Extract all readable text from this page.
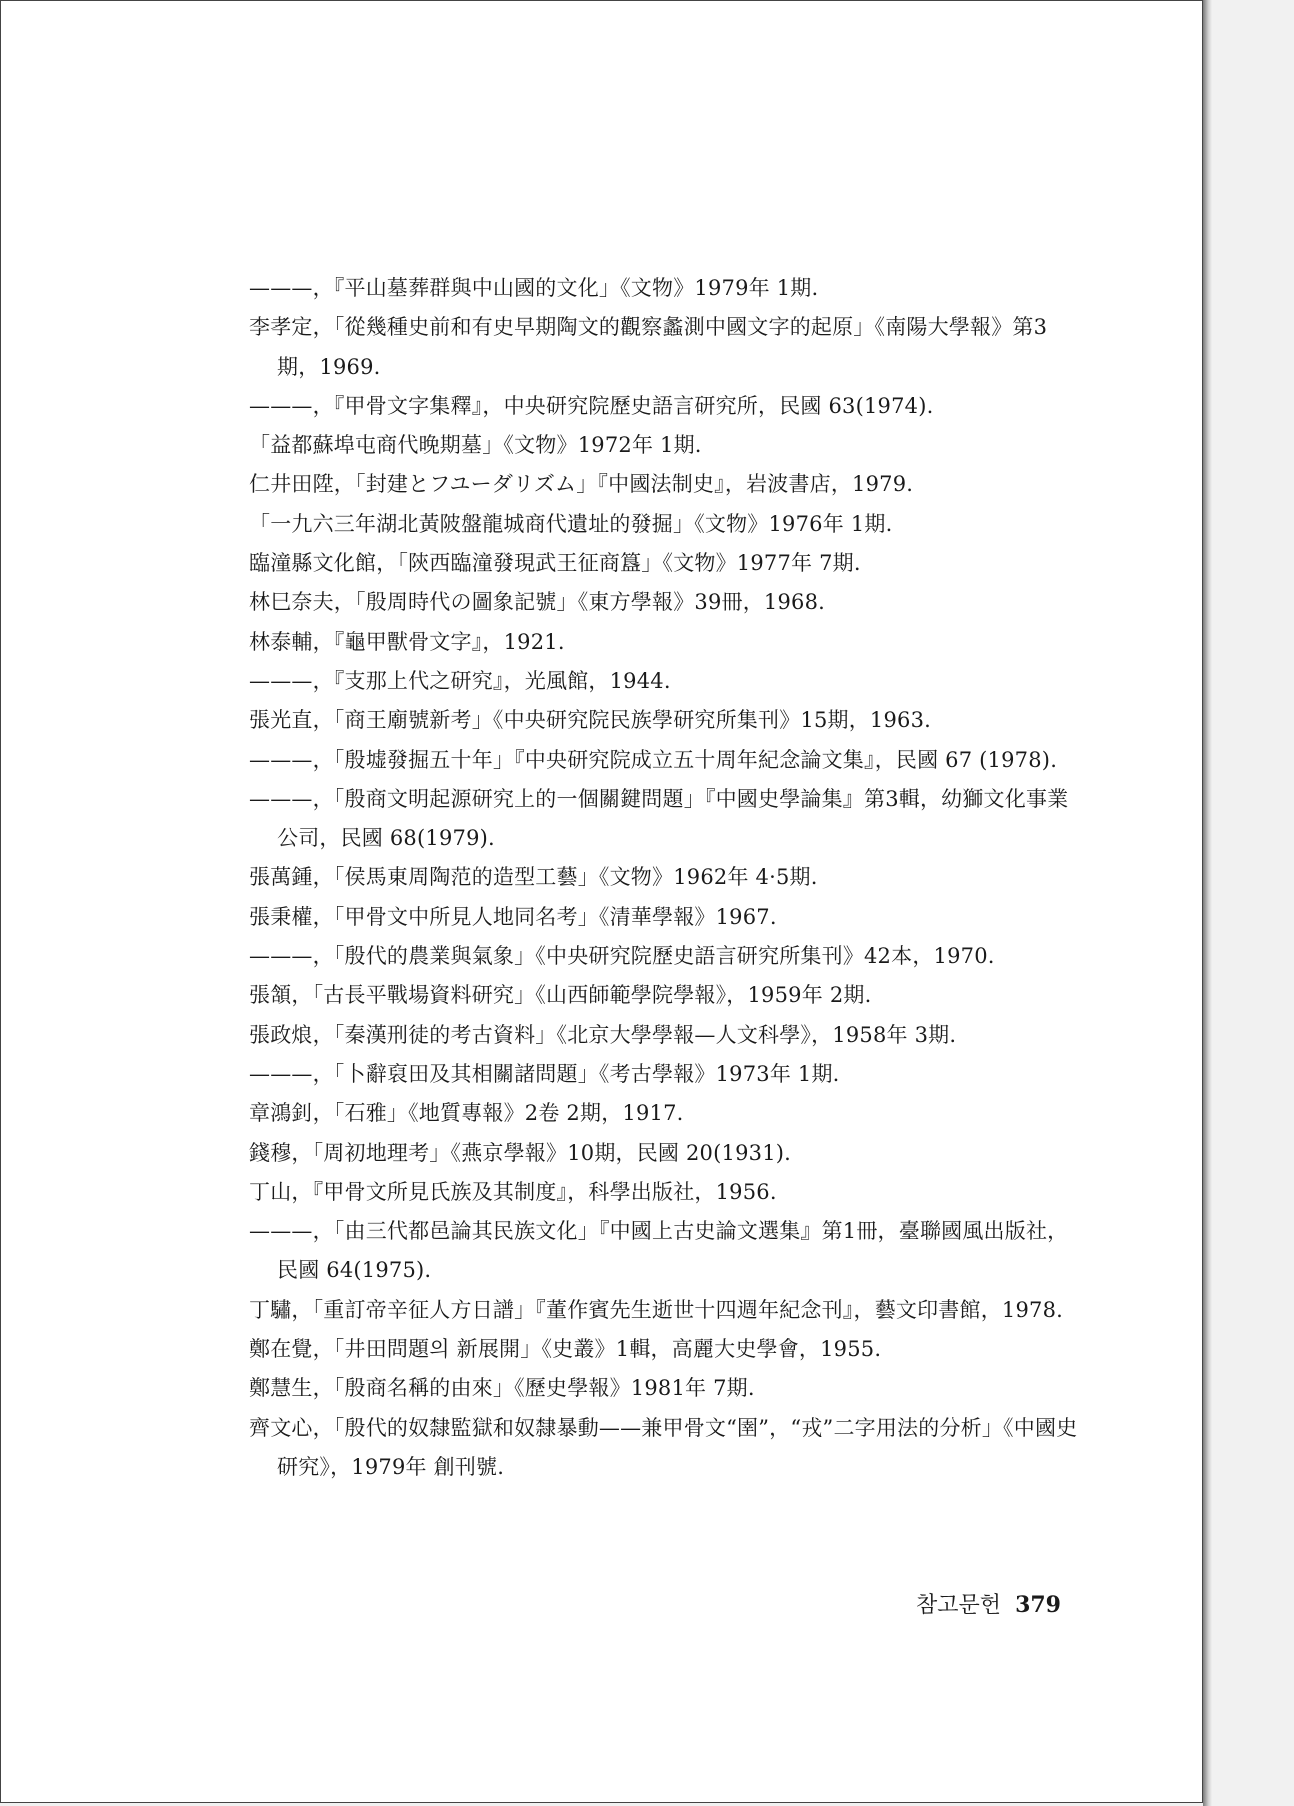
———，『平山墓葬群與中山國的文化」《文物》1979年 1期.
李孝定，「從幾種史前和有史早期陶文的觀察蠡測中國文字的起原」《南陽大學報》第3期，1969.
———，『甲骨文字集釋』，中央研究院歷史語言研究所，民國 63(1974).
「益都蘇埠屯商代晚期墓」《文物》1972年 1期.
仁井田陞，「封建とフユーダリズム」『中國法制史』，岩波書店，1979.
「一九六三年湖北黃陂盤龍城商代遺址的發掘」《文物》1976年 1期.
臨潼縣文化館，「陝西臨潼發現武王征商簋」《文物》1977年 7期.
林巳奈夫，「殷周時代の圖象記號」《東方學報》39冊，1968.
林泰輔，『龜甲獸骨文字』，1921.
———，『支那上代之研究』，光風館，1944.
張光直，「商王廟號新考」《中央研究院民族學研究所集刊》15期，1963.
———，「殷墟發掘五十年」『中央研究院成立五十周年紀念論文集』，民國 67 (1978).
———，「殷商文明起源研究上的一個關鍵問題」『中國史學論集』第3輯，幼獅文化事業公司，民國 68(1979).
張萬鍾，「侯馬東周陶范的造型工藝」《文物》1962年 4·5期.
張秉權，「甲骨文中所見人地同名考」《清華學報》1967.
———，「殷代的農業與氣象」《中央研究院歷史語言研究所集刊》42本，1970.
張頷，「古長平戰場資料研究」《山西師範學院學報》，1959年 2期.
張政烺，「秦漢刑徒的考古資料」《北京大學學報—人文科學》，1958年 3期.
———，「卜辭裒田及其相關諸問題」《考古學報》1973年 1期.
章鴻釗，「石雅」《地質專報》2卷 2期，1917.
錢穆，「周初地理考」《燕京學報》10期，民國 20(1931).
丁山，『甲骨文所見氏族及其制度』，科學出版社，1956.
———，「由三代都邑論其民族文化」『中國上古史論文選集』第1冊，臺聯國風出版社，民國 64(1975).
丁驌，「重訂帝辛征人方日譜」『董作賓先生逝世十四週年紀念刊』，藝文印書館，1978.
鄭在覺，「井田問題의 新展開」《史叢》1輯，高麗大史學會，1955.
鄭慧生，「殷商名稱的由來」《歷史學報》1981年 7期.
齊文心，「殷代的奴隸監獄和奴隸暴動——兼甲骨文“圉”，“戎”二字用法的分析」《中國史研究》，1979年 創刊號.
참고문헌 379
